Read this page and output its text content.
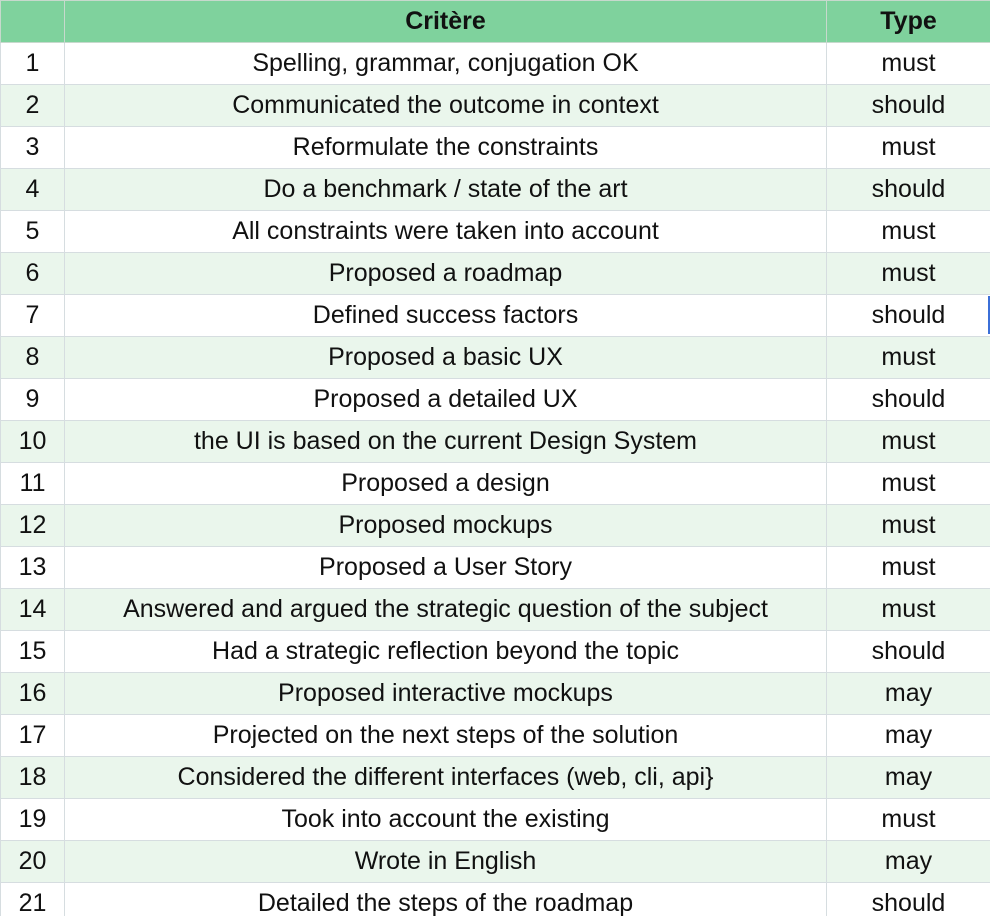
	Critère	Type
1	Spelling, grammar, conjugation OK	must
2	Communicated the outcome in context	should
3	Reformulate the constraints	must
4	Do a benchmark / state of the art	should
5	All constraints were taken into account	must
6	Proposed a roadmap	must
7	Defined success factors	should
8	Proposed a basic UX	must
9	Proposed a detailed UX	should
10	the UI is based on the current Design System	must
11	Proposed a design	must
12	Proposed mockups	must
13	Proposed a User Story	must
14	Answered and argued the strategic question of the subject	must
15	Had a strategic reflection beyond the topic	should
16	Proposed interactive mockups	may
17	Projected on the next steps of the solution	may
18	Considered the different interfaces (web, cli, api}	may
19	Took into account the existing	must
20	Wrote in English	may
21	Detailed the steps of the roadmap	should
